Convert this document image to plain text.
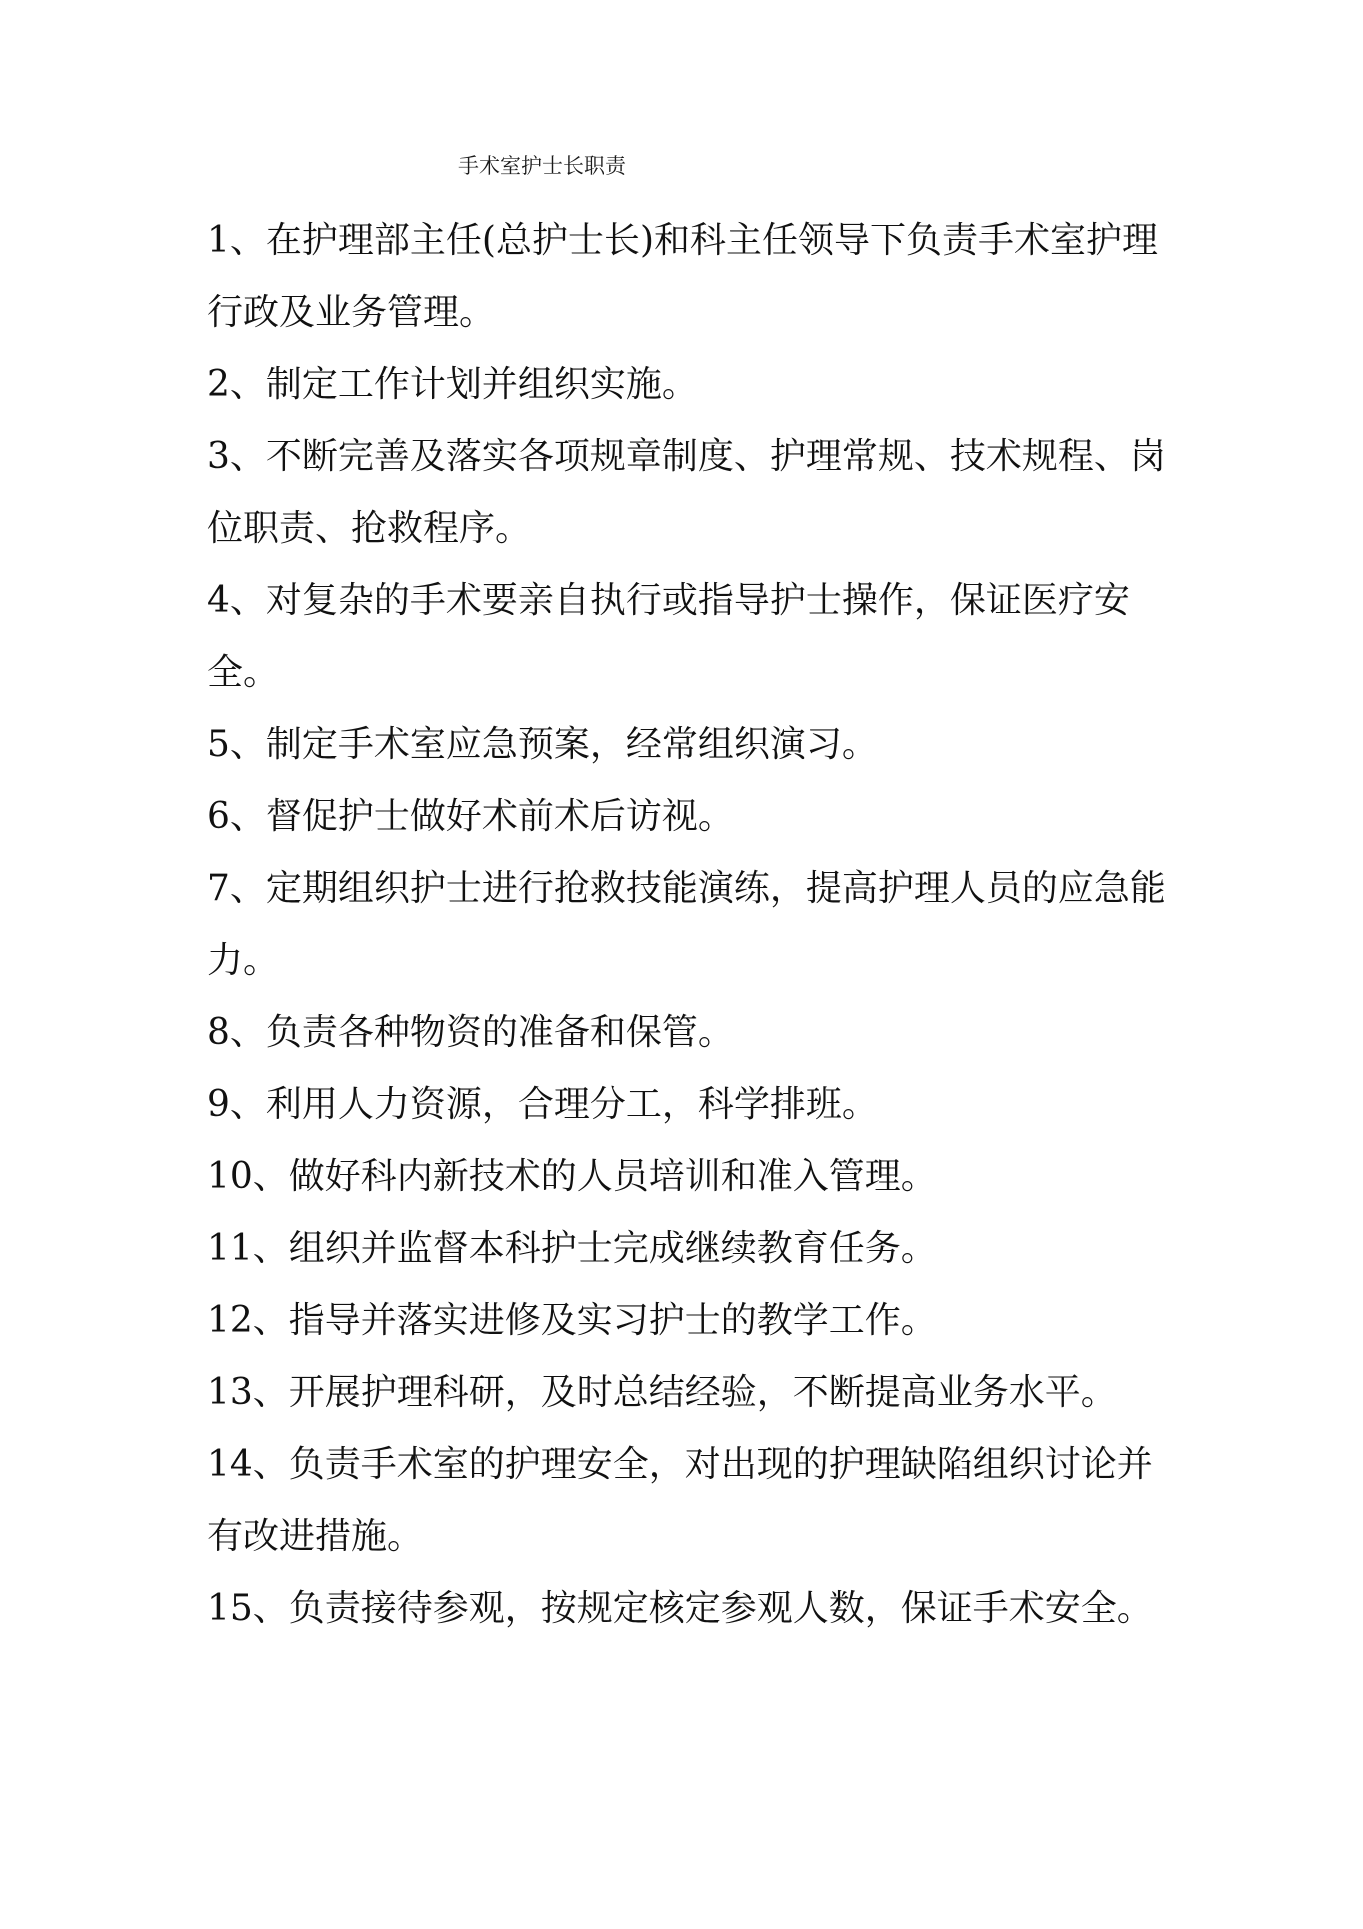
手术室护士长职责
1、在护理部主任(总护士长)和科主任领导下负责手术室护理行政及业务管理。
2、制定工作计划并组织实施。
3、不断完善及落实各项规章制度、护理常规、技术规程、岗位职责、抢救程序。
4、对复杂的手术要亲自执行或指导护士操作，保证医疗安全。
5、制定手术室应急预案，经常组织演习。
6、督促护士做好术前术后访视。
7、定期组织护士进行抢救技能演练，提高护理人员的应急能力。
8、负责各种物资的准备和保管。
9、利用人力资源，合理分工，科学排班。
10、做好科内新技术的人员培训和准入管理。
11、组织并监督本科护士完成继续教育任务。
12、指导并落实进修及实习护士的教学工作。
13、开展护理科研，及时总结经验，不断提高业务水平。
14、负责手术室的护理安全，对出现的护理缺陷组织讨论并有改进措施。
15、负责接待参观，按规定核定参观人数，保证手术安全。
